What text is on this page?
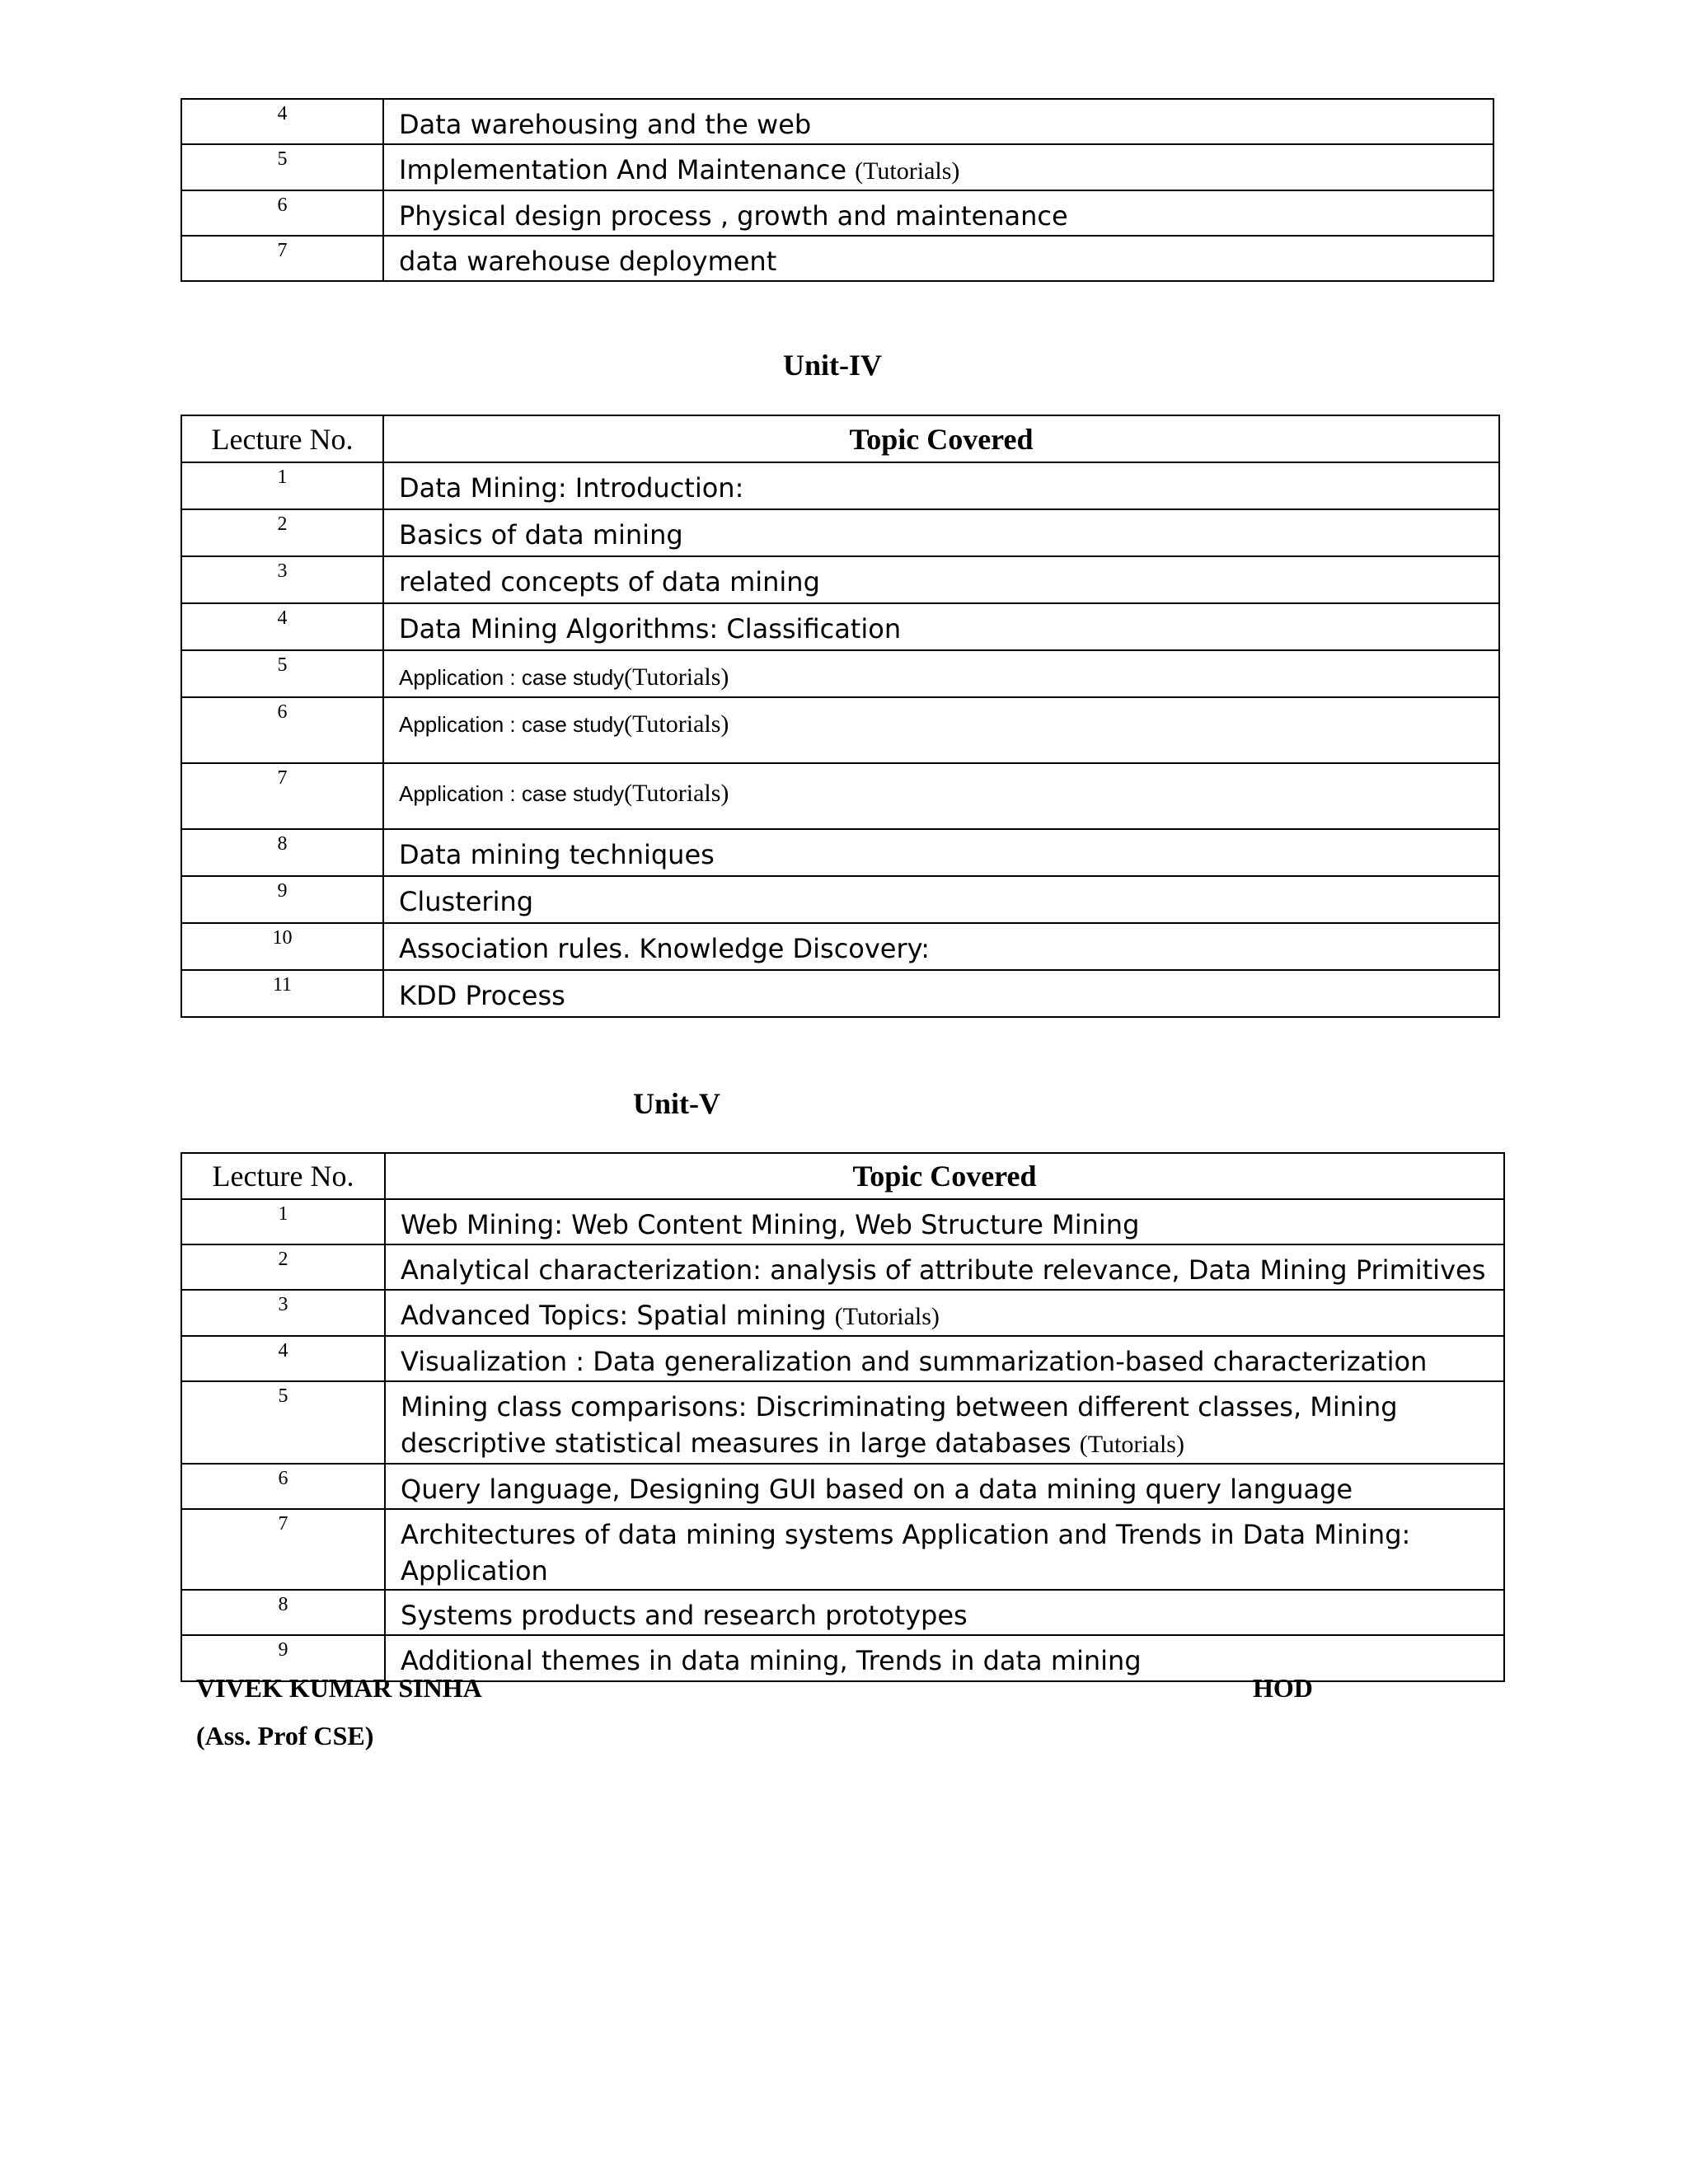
4	Data warehousing and the web
5	Implementation And Maintenance (Tutorials)
6	Physical design process , growth and maintenance
7	data warehouse deployment
Unit-IV
Lecture No.	Topic Covered
1	Data Mining: Introduction:
2	Basics of data mining
3	related concepts of data mining
4	Data Mining Algorithms: Classification
5	Application : case study(Tutorials)
6	Application : case study(Tutorials)
7	Application : case study(Tutorials)
8	Data mining techniques
9	Clustering
10	Association rules. Knowledge Discovery:
11	KDD Process
Unit-V
Lecture No.	Topic Covered
1	Web Mining: Web Content Mining, Web Structure Mining
2	Analytical characterization: analysis of attribute relevance, Data Mining Primitives
3	Advanced Topics: Spatial mining (Tutorials)
4	Visualization : Data generalization and summarization-based characterization
5	Mining class comparisons: Discriminating between different classes, Mining descriptive statistical measures in large databases (Tutorials)
6	Query language, Designing GUI based on a data mining query language
7	Architectures of data mining systems Application and Trends in Data Mining: Application
8	Systems products and research prototypes
9	Additional themes in data mining, Trends in data mining
VIVEK KUMAR SINHA
(Ass. Prof CSE)
HOD
